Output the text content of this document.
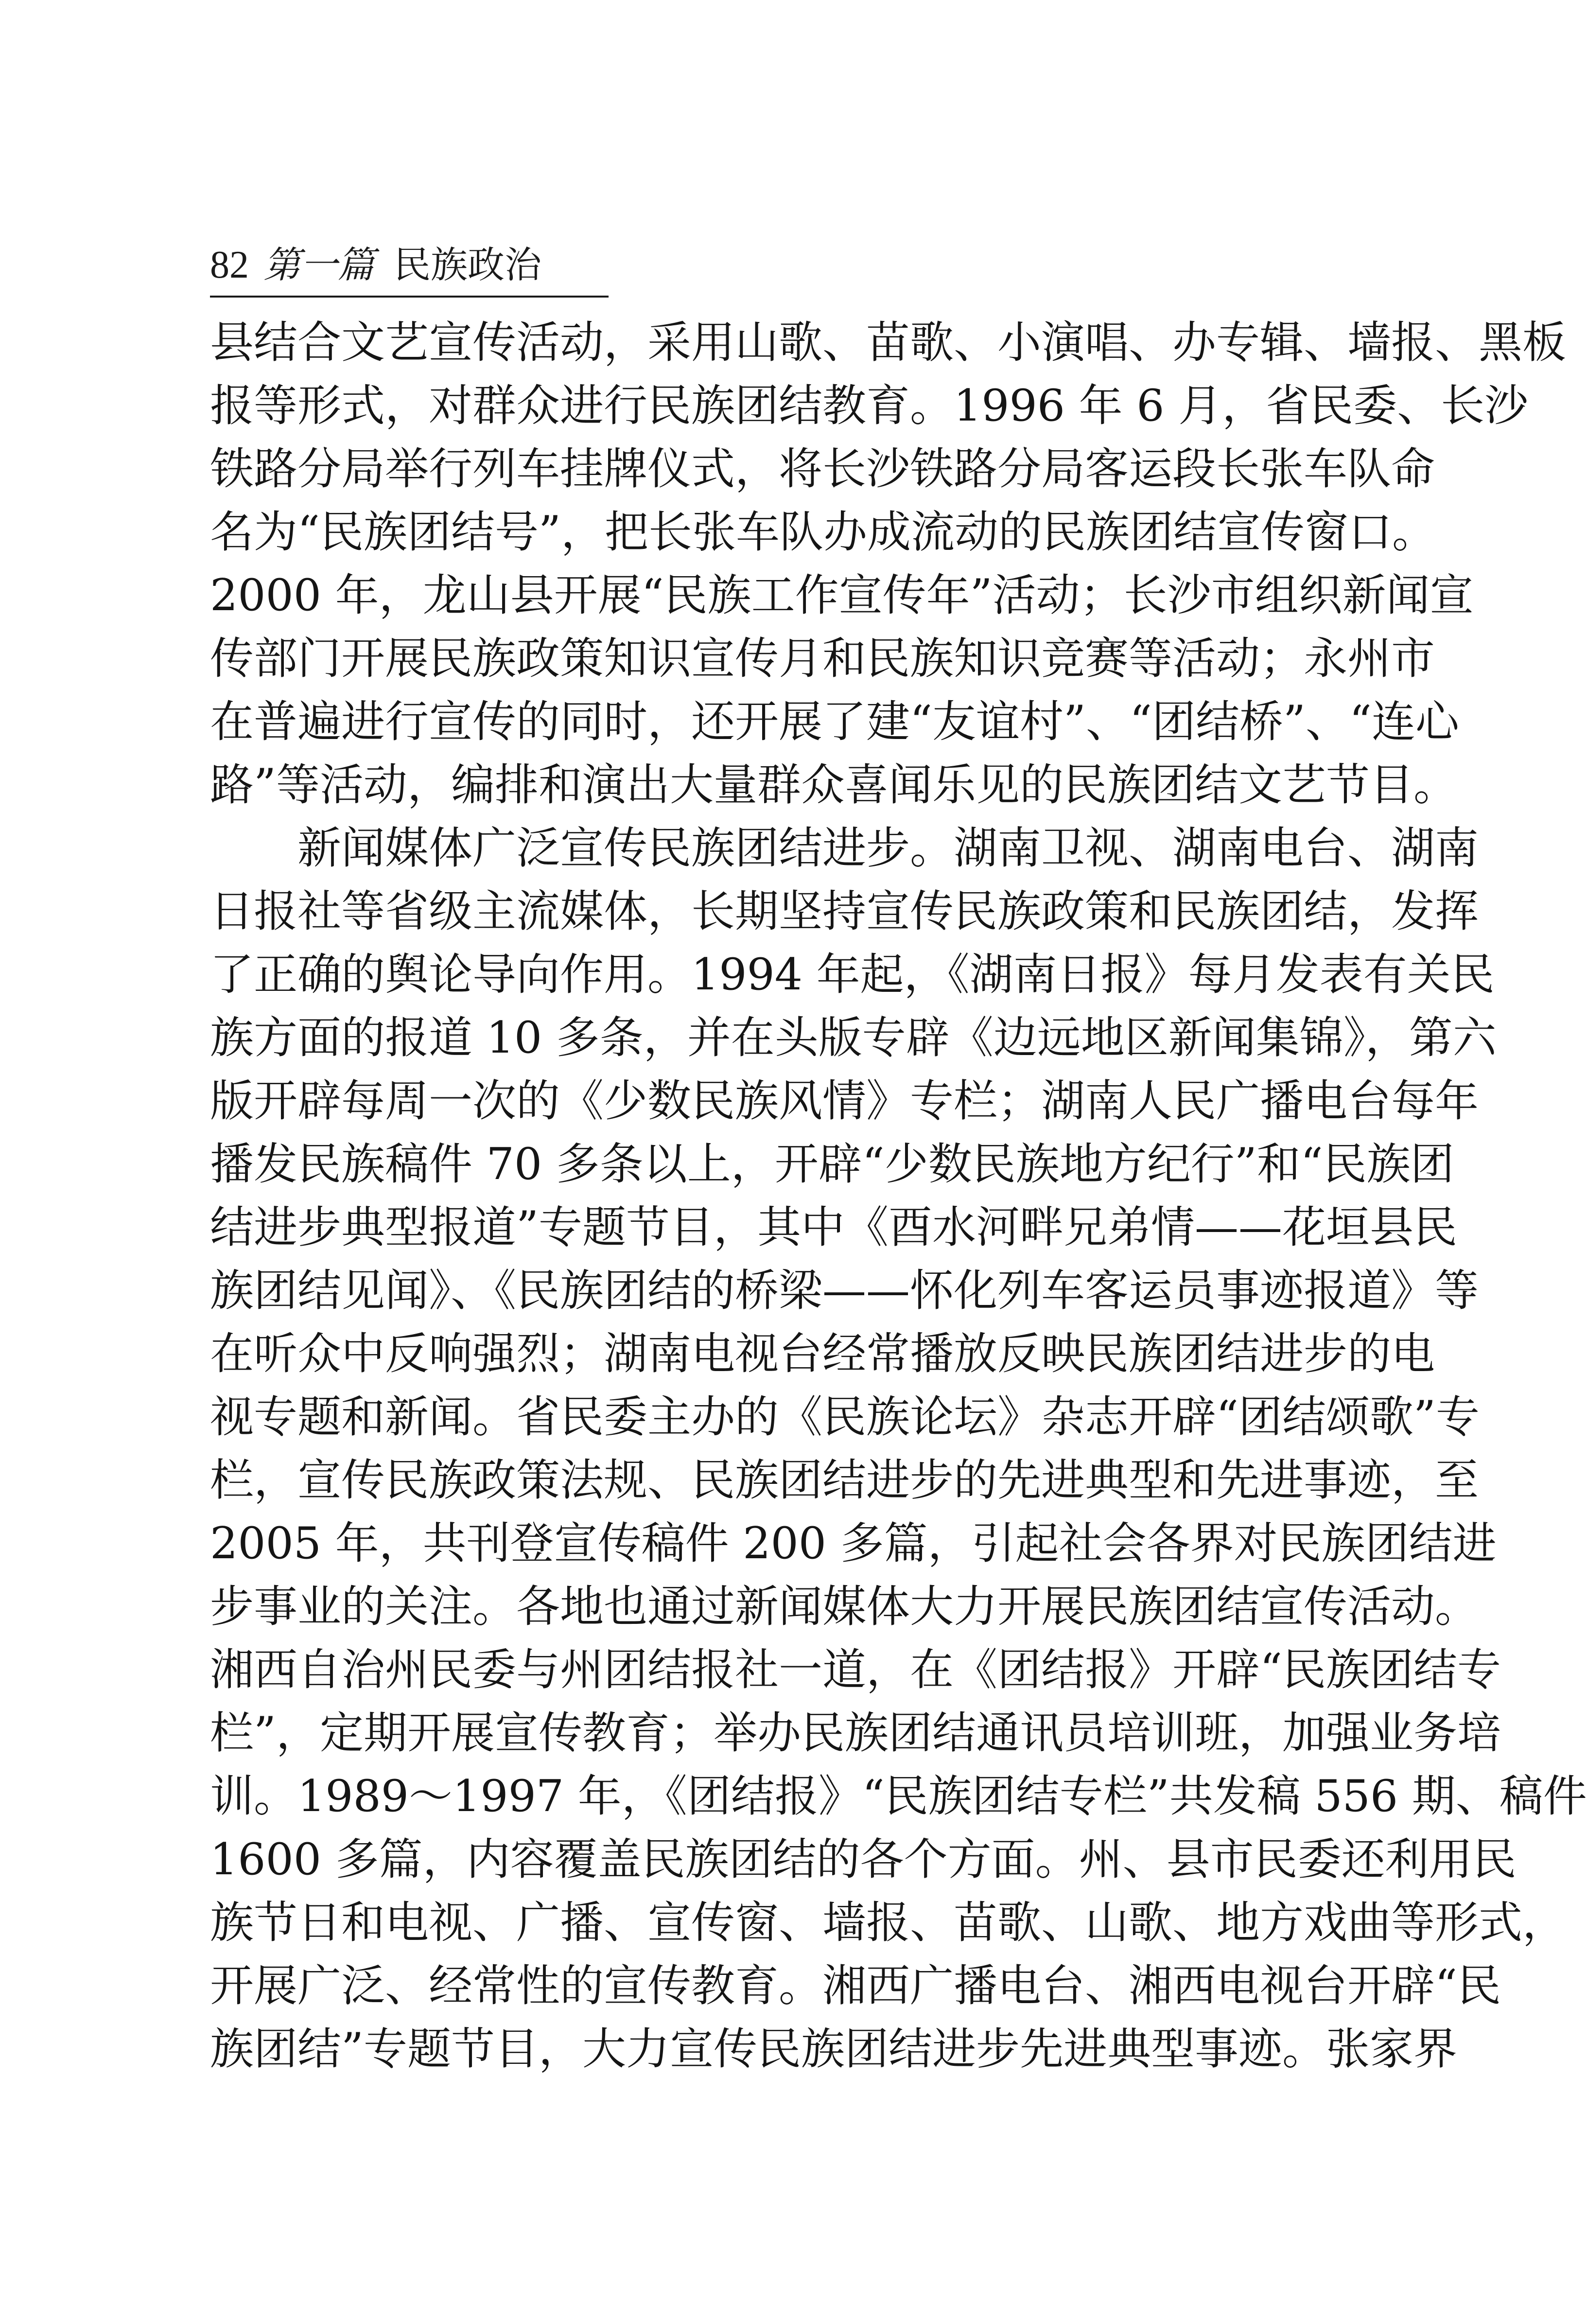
82 第一篇 民族政治
县结合文艺宣传活动，采用山歌、苗歌、小演唱、办专辑、墙报、黑板
报等形式，对群众进行民族团结教育。1996 年 6 月，省民委、长沙
铁路分局举行列车挂牌仪式，将长沙铁路分局客运段长张车队命
名为“民族团结号”，把长张车队办成流动的民族团结宣传窗口。
2000 年，龙山县开展“民族工作宣传年”活动；长沙市组织新闻宣
传部门开展民族政策知识宣传月和民族知识竞赛等活动；永州市
在普遍进行宣传的同时，还开展了建“友谊村”、“团结桥”、“连心
路”等活动，编排和演出大量群众喜闻乐见的民族团结文艺节目。
新闻媒体广泛宣传民族团结进步。湖南卫视、湖南电台、湖南
日报社等省级主流媒体，长期坚持宣传民族政策和民族团结，发挥
了正确的舆论导向作用。1994 年起，《湖南日报》每月发表有关民
族方面的报道 10 多条，并在头版专辟《边远地区新闻集锦》，第六
版开辟每周一次的《少数民族风情》专栏；湖南人民广播电台每年
播发民族稿件 70 多条以上，开辟“少数民族地方纪行”和“民族团
结进步典型报道”专题节目，其中《酉水河畔兄弟情——花垣县民
族团结见闻》、《民族团结的桥梁——怀化列车客运员事迹报道》等
在听众中反响强烈；湖南电视台经常播放反映民族团结进步的电
视专题和新闻。省民委主办的《民族论坛》杂志开辟“团结颂歌”专
栏，宣传民族政策法规、民族团结进步的先进典型和先进事迹，至
2005 年，共刊登宣传稿件 200 多篇，引起社会各界对民族团结进
步事业的关注。各地也通过新闻媒体大力开展民族团结宣传活动。
湘西自治州民委与州团结报社一道，在《团结报》开辟“民族团结专
栏”，定期开展宣传教育；举办民族团结通讯员培训班，加强业务培
训。1989～1997 年，《团结报》“民族团结专栏”共发稿 556 期、稿件
1600 多篇，内容覆盖民族团结的各个方面。州、县市民委还利用民
族节日和电视、广播、宣传窗、墙报、苗歌、山歌、地方戏曲等形式，
开展广泛、经常性的宣传教育。湘西广播电台、湘西电视台开辟“民
族团结”专题节目，大力宣传民族团结进步先进典型事迹。张家界
